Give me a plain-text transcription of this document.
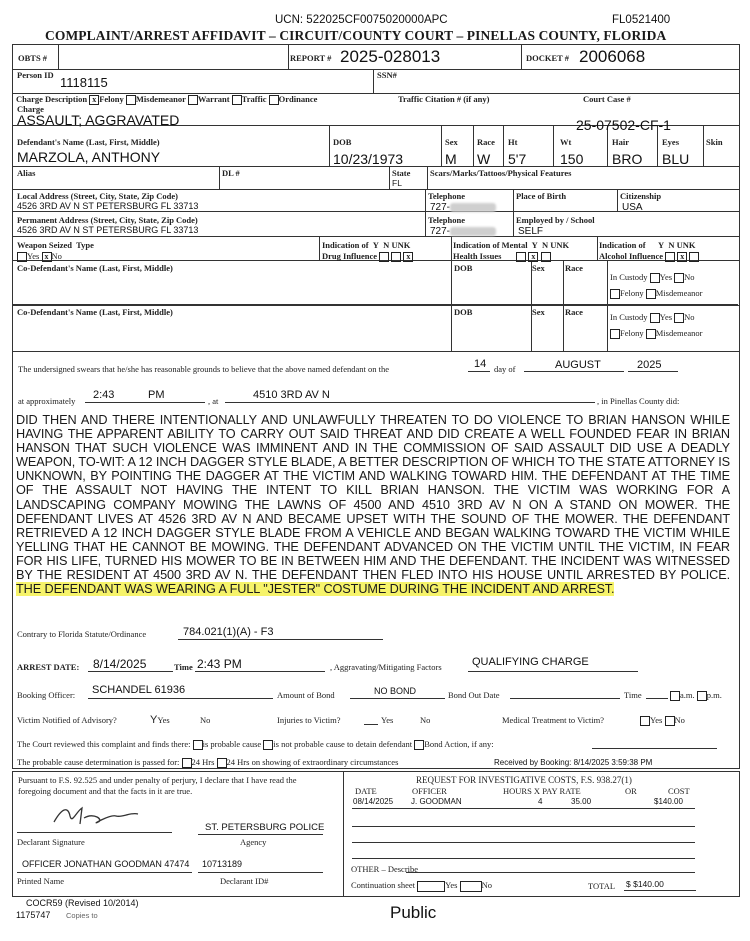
UCN: 522025CF0075020000APC	FL0521400
COMPLAINT/ARREST AFFIDAVIT – CIRCUIT/COUNTY COURT – PINELLAS COUNTY, FLORIDA
OBTS #	REPORT # 2025-028013	DOCKET # 2006068
Person ID 1118115	SSN#
Charge Description x Felony Misdemeanor Warrant Traffic Ordinance	Traffic Citation # (if any)	Court Case #
Charge
ASSAULT; AGGRAVATED	25-07502-CF-1
Defendant's Name (Last, First, Middle)
MARZOLA, ANTHONY
DOB
10/23/1973
Sex
M
Race
W
Ht
5'7
Wt
150
Hair
BRO
Eyes
BLU
Skin
Alias	DL #	State
FL
Scars/Marks/Tattoos/Physical Features
Local Address (Street, City, State, Zip Code)
4526 3RD AV N ST PETERSBURG FL 33713
Telephone
727-
Place of Birth	Citizenship
USA
Permanent Address (Street, City, State, Zip Code)
4526 3RD AV N ST PETERSBURG FL 33713
Telephone
727-
Employed by / School
SELF
Weapon Seized Type
Yes x No
Indication of Y N UNK
Drug Influence   x
Indication of Mental Y N UNK
Health Issues        x
Indication of Y N UNK
Alcohol Influence  x
Co-Defendant's Name (Last, First, Middle)	DOB	Sex Race
In Custody Yes No
Felony Misdemeanor
Co-Defendant's Name (Last, First, Middle)	DOB	Sex Race	In Custody Yes No
Felony Misdemeanor
The undersigned swears that he/she has reasonable grounds to believe that the above named defendant on the	14 day of	AUGUST	2025
at approximately 2:43	PM	, at	4510 3RD AV N	, in Pinellas County did:
DID THEN AND THERE INTENTIONALLY AND UNLAWFULLY THREATEN TO DO VIOLENCE TO BRIAN HANSON WHILE HAVING THE APPARENT ABILITY TO CARRY OUT SAID THREAT AND DID CREATE A WELL FOUNDED FEAR IN BRIAN HANSON THAT SUCH VIOLENCE WAS IMMINENT AND IN THE COMMISSION OF SAID ASSAULT DID USE A DEADLY WEAPON, TO-WIT: A 12 INCH DAGGER STYLE BLADE, A BETTER DESCRIPTION OF WHICH TO THE STATE ATTORNEY IS UNKNOWN, BY POINTING THE DAGGER AT THE VICTIM AND WALKING TOWARD HIM. THE DEFENDANT AT THE TIME OF THE ASSAULT NOT HAVING THE INTENT TO KILL BRIAN HANSON. THE VICTIM WAS WORKING FOR A LANDSCAPING COMPANY MOWING THE LAWNS OF 4500 AND 4510 3RD AV N ON A STAND ON MOWER. THE DEFENDANT LIVES AT 4526 3RD AV N AND BECAME UPSET WITH THE SOUND OF THE MOWER. THE DEFENDANT RETRIEVED A 12 INCH DAGGER STYLE BLADE FROM A VEHICLE AND BEGAN WALKING TOWARD THE VICTIM WHILE YELLING THAT HE CANNOT BE MOWING. THE DEFENDANT ADVANCED ON THE VICTIM UNTIL THE VICTIM, IN FEAR FOR HIS LIFE, TURNED HIS MOWER TO BE IN BETWEEN HIM AND THE DEFENDANT. THE INCIDENT WAS WITNESSED BY THE RESIDENT AT 4500 3RD AV N. THE DEFENDANT THEN FLED INTO HIS HOUSE UNTIL ARRESTED BY POLICE. THE DEFENDANT WAS WEARING A FULL "JESTER" COSTUME DURING THE INCIDENT AND ARREST.
Contrary to Florida Statute/Ordinance	784.021(1)(A) - F3
ARREST DATE: 8/14/2025	Time 2:43 PM	, Aggravating/Mitigating Factors	QUALIFYING CHARGE
Booking Officer: SCHANDEL 61936	Amount of Bond	NO BOND	Bond Out Date	Time	a.m. p.m.
Victim Notified of Advisory?	YYes	No	Injuries to Victim?	Yes	No	Medical Treatment to Victim?	Yes No
The Court reviewed this complaint and finds there: is probable cause is not probable cause to detain defendant Bond Action, if any:
The probable cause determination is passed for: 24 Hrs 24 Hrs on showing of extraordinary circumstances	Received by Booking: 8/14/2025 3:59:38 PM
Pursuant to F.S. 92.525 and under penalty of perjury, I declare that I have read the foregoing document and that the facts in it are true.
ST. PETERSBURG POLICE
Declarant Signature	Agency
OFFICER JONATHAN GOODMAN 47474 10713189
Printed Name	Declarant ID#
REQUEST FOR INVESTIGATIVE COSTS, F.S. 938.27(1)
DATE	OFFICER	HOURS X PAY RATE	OR	COST
08/14/2025 J. GOODMAN	4	35.00	$140.00
OTHER – Describe
Continuation sheet	Yes	No	TOTAL $ $140.00
COCR59 (Revised 10/2014)
1175747 Copies to	Public
